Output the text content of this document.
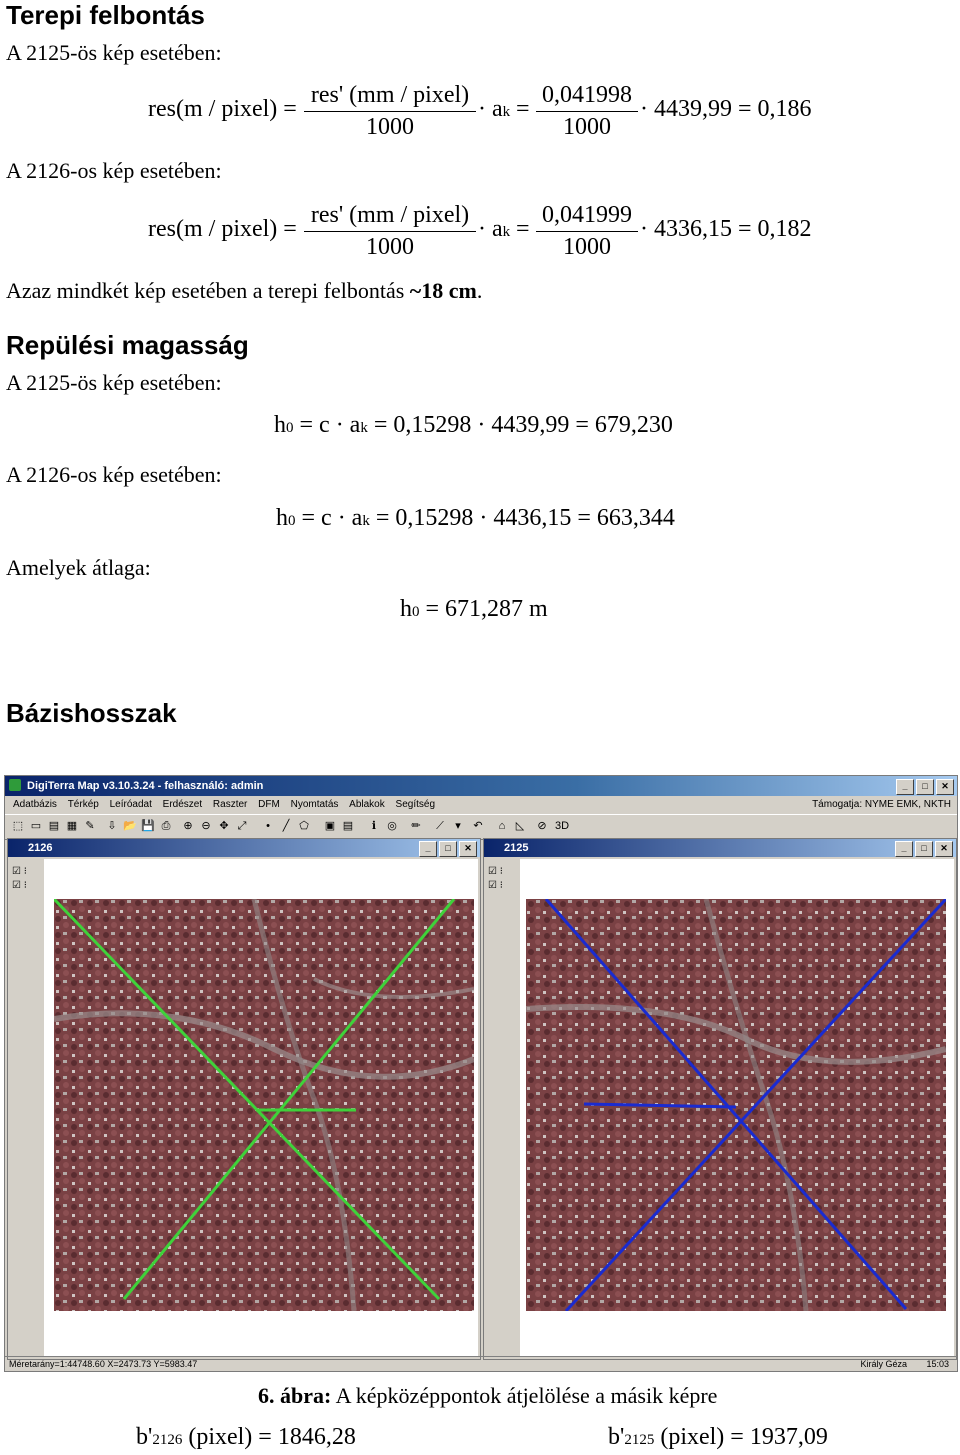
Terepi felbontás
A 2125-ös kép esetében:
res(m / pixel) =
res' (mm / pixel)
1000
· ak = $\frac{0,041998}{1000} \cdot 4439,99 = 0,186$
A 2126-os kép esetében:
res(m / pixel) =
res' (mm / pixel)
1000
· ak = $\frac{0,041999}{1000} \cdot 4336,15 = 0,182$
Azaz mindkét kép esetében a terepi felbontás ~18 cm.
Repülési magasság
A 2125-ös kép esetében:
h0 = c · ak = 0,15298 · 4439,99 = 679,230
A 2126-os kép esetében:
h0 = c · ak = 0,15298 · 4436,15 = 663,344
Amelyek átlaga:
h0 = 671,287 m
Bázishosszak
DigiTerra Map v3.10.3.24 - felhasználó: admin	_	□	✕
Adatbázis Térkép Leíróadat Erdészet Raszter DFM Nyomtatás Ablakok Segítség	Támogatja: NYME EMK, NKTH
⬚ ▭ ▤ ▦ ✎ ⇩ 📂 💾 ⎙ ⊕ ⊖ ✥ ⤢	•	╱ ⬠ ▣ ▤	ℹ	◎ ✏ ⟋	▾	↶	⌂ ◺ ⊘ 3D
2126	_	□	✕
☑ ⁝
☑ ⁝
2125	_	□	✕
☑ ⁝
☑ ⁝
Méretarány=1:44748.60 X=2473.73 Y=5983.47	Király Géza 15:03
6. ábra: A képközéppontok átjelölése a másik képre
b'2126 (pixel) = 1846,28	b'2125 (pixel) = 1937,09
